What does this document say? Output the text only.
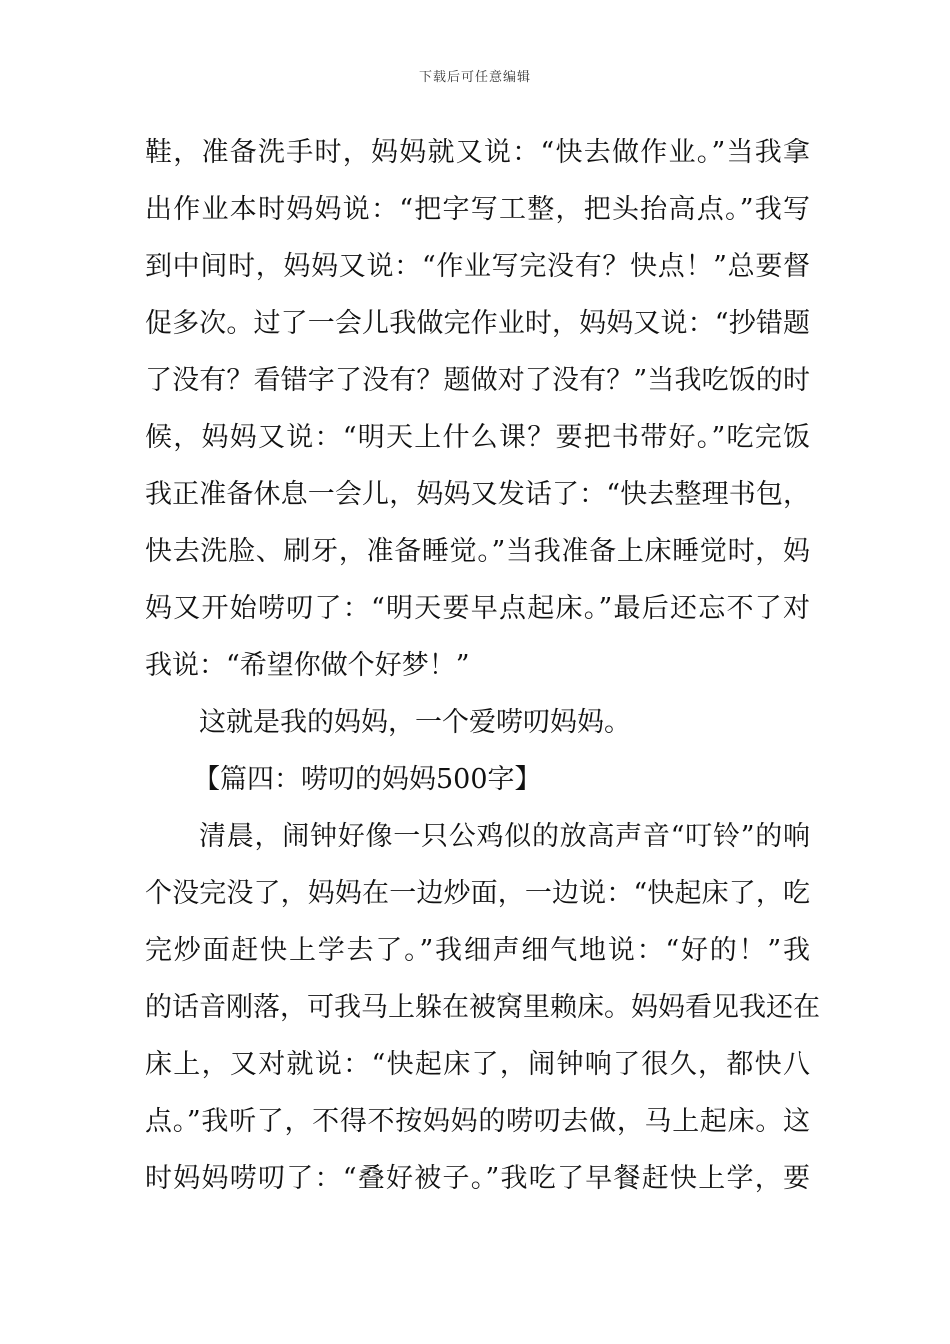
下载后可任意编辑
鞋，准备洗手时，妈妈就又说：“快去做作业。”当我拿
出作业本时妈妈说：“把字写工整，把头抬高点。”我写
到中间时，妈妈又说：“作业写完没有？快点！”总要督
促多次。过了一会儿我做完作业时，妈妈又说：“抄错题
了没有？看错字了没有？题做对了没有？”当我吃饭的时
候，妈妈又说：“明天上什么课？要把书带好。”吃完饭
我正准备休息一会儿，妈妈又发话了：“快去整理书包，
快去洗脸、刷牙，准备睡觉。”当我准备上床睡觉时，妈
妈又开始唠叨了：“明天要早点起床。”最后还忘不了对
我说：“希望你做个好梦！”
这就是我的妈妈，一个爱唠叨妈妈。
【篇四：唠叨的妈妈500字】
清晨，闹钟好像一只公鸡似的放高声音“叮铃”的响
个没完没了，妈妈在一边炒面，一边说：“快起床了，吃
完炒面赶快上学去了。”我细声细气地说：“好的！”我
的话音刚落，可我马上躲在被窝里赖床。妈妈看见我还在
床上，又对就说：“快起床了，闹钟响了很久，都快八
点。”我听了，不得不按妈妈的唠叨去做，马上起床。这
时妈妈唠叨了：“叠好被子。”我吃了早餐赶快上学，要
